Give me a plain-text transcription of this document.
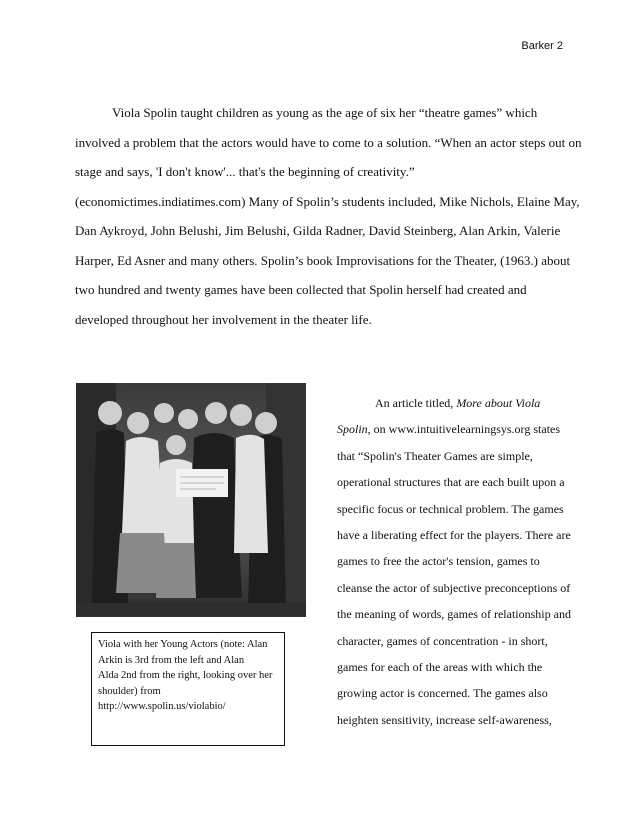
Barker 2
Viola Spolin taught children as young as the age of six her “theatre games” which
involved a problem that the actors would have to come to a solution. “When an actor steps out on
stage and says, 'I don't know'... that's the beginning of creativity.”
(economictimes.indiatimes.com) Many of Spolin’s students included, Mike Nichols, Elaine May,
Dan Aykroyd, John Belushi, Jim Belushi, Gilda Radner, David Steinberg, Alan Arkin, Valerie
Harper, Ed Asner and many others. Spolin’s book Improvisations for the Theater, (1963.) about
two hundred and twenty games have been collected that Spolin herself had created and
developed throughout her involvement in the theater life.
Viola with her Young Actors (note: Alan
Arkin is 3rd from the left and Alan
Alda 2nd from the right, looking over her
shoulder) from
http://www.spolin.us/violabio/
An article titled, More about Viola
Spolin, on www.intuitivelearningsys.org states
that “Spolin's Theater Games are simple,
operational structures that are each built upon a
specific focus or technical problem. The games
have a liberating effect for the players. There are
games to free the actor's tension, games to
cleanse the actor of subjective preconceptions of
the meaning of words, games of relationship and
character, games of concentration - in short,
games for each of the areas with which the
growing actor is concerned. The games also
heighten sensitivity, increase self-awareness,
